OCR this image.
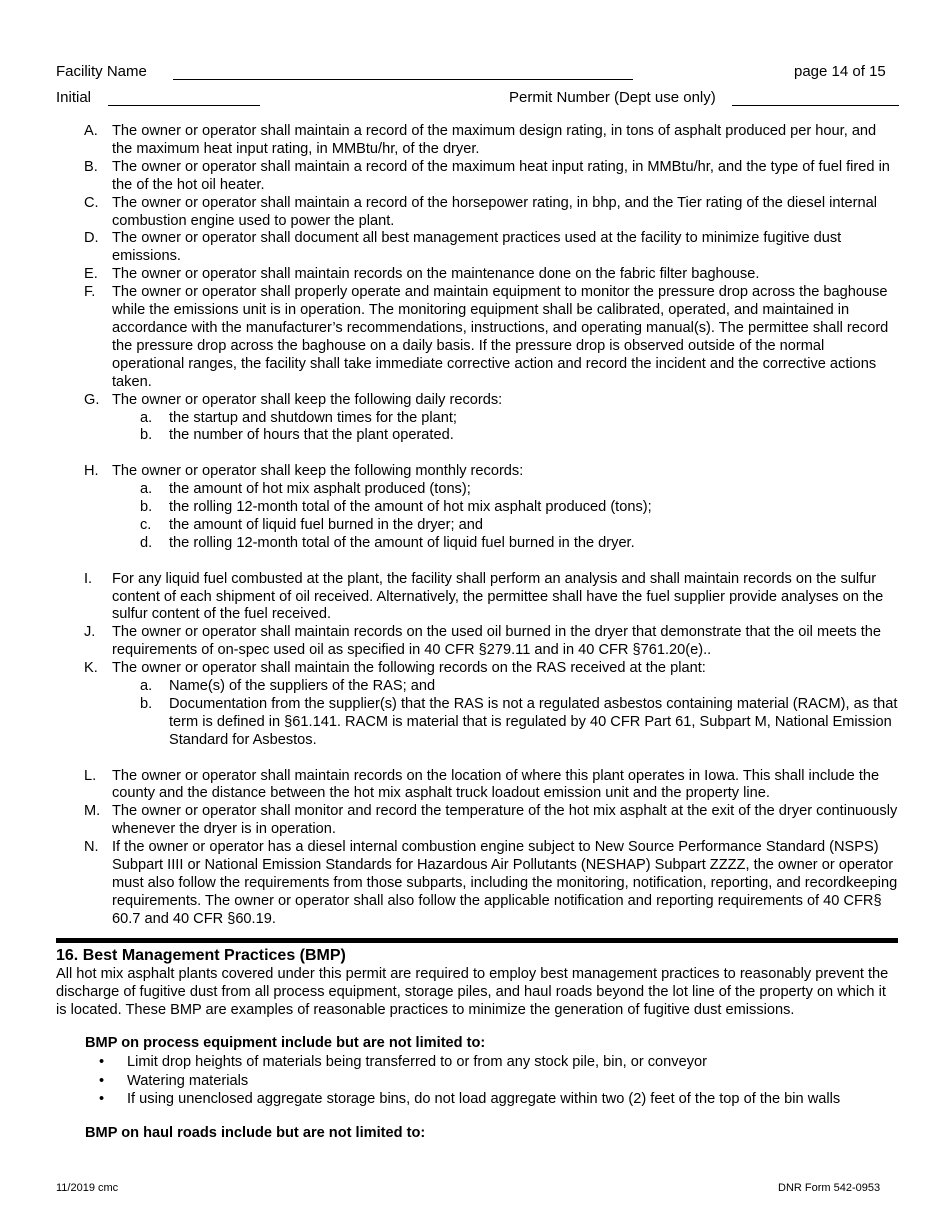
Facility Name	page 14 of 15
Initial	Permit Number (Dept use only)
A. The owner or operator shall maintain a record of the maximum design rating, in tons of asphalt produced per hour, and the maximum heat input rating, in MMBtu/hr, of the dryer.
B. The owner or operator shall maintain a record of the maximum heat input rating, in MMBtu/hr, and the type of fuel fired in the of the hot oil heater.
C. The owner or operator shall maintain a record of the horsepower rating, in bhp, and the Tier rating of the diesel internal combustion engine used to power the plant.
D. The owner or operator shall document all best management practices used at the facility to minimize fugitive dust emissions.
E. The owner or operator shall maintain records on the maintenance done on the fabric filter baghouse.
F. The owner or operator shall properly operate and maintain equipment to monitor the pressure drop across the baghouse while the emissions unit is in operation. The monitoring equipment shall be calibrated, operated, and maintained in accordance with the manufacturer’s recommendations, instructions, and operating manual(s). The permittee shall record the pressure drop across the baghouse on a daily basis. If the pressure drop is observed outside of the normal operational ranges, the facility shall take immediate corrective action and record the incident and the corrective actions taken.
G. The owner or operator shall keep the following daily records:
a. the startup and shutdown times for the plant;
b. the number of hours that the plant operated.
H. The owner or operator shall keep the following monthly records:
a. the amount of hot mix asphalt produced (tons);
b. the rolling 12-month total of the amount of hot mix asphalt produced (tons);
c. the amount of liquid fuel burned in the dryer; and
d. the rolling 12-month total of the amount of liquid fuel burned in the dryer.
I. For any liquid fuel combusted at the plant, the facility shall perform an analysis and shall maintain records on the sulfur content of each shipment of oil received. Alternatively, the permittee shall have the fuel supplier provide analyses on the sulfur content of the fuel received.
J. The owner or operator shall maintain records on the used oil burned in the dryer that demonstrate that the oil meets the requirements of on-spec used oil as specified in 40 CFR §279.11 and in 40 CFR §761.20(e)..
K. The owner or operator shall maintain the following records on the RAS received at the plant:
a. Name(s) of the suppliers of the RAS; and
b. Documentation from the supplier(s) that the RAS is not a regulated asbestos containing material (RACM), as that term is defined in §61.141. RACM is material that is regulated by 40 CFR Part 61, Subpart M, National Emission Standard for Asbestos.
L. The owner or operator shall maintain records on the location of where this plant operates in Iowa. This shall include the county and the distance between the hot mix asphalt truck loadout emission unit and the property line.
M. The owner or operator shall monitor and record the temperature of the hot mix asphalt at the exit of the dryer continuously whenever the dryer is in operation.
N. If the owner or operator has a diesel internal combustion engine subject to New Source Performance Standard (NSPS) Subpart IIII or National Emission Standards for Hazardous Air Pollutants (NESHAP) Subpart ZZZZ, the owner or operator must also follow the requirements from those subparts, including the monitoring, notification, reporting, and recordkeeping requirements. The owner or operator shall also follow the applicable notification and reporting requirements of 40 CFR§ 60.7 and 40 CFR §60.19.
16. Best Management Practices (BMP)
All hot mix asphalt plants covered under this permit are required to employ best management practices to reasonably prevent the discharge of fugitive dust from all process equipment, storage piles, and haul roads beyond the lot line of the property on which it is located. These BMP are examples of reasonable practices to minimize the generation of fugitive dust emissions.
BMP on process equipment include but are not limited to:
• Limit drop heights of materials being transferred to or from any stock pile, bin, or conveyor
• Watering materials
• If using unenclosed aggregate storage bins, do not load aggregate within two (2) feet of the top of the bin walls
BMP on haul roads include but are not limited to:
11/2019 cmc	DNR Form 542-0953
